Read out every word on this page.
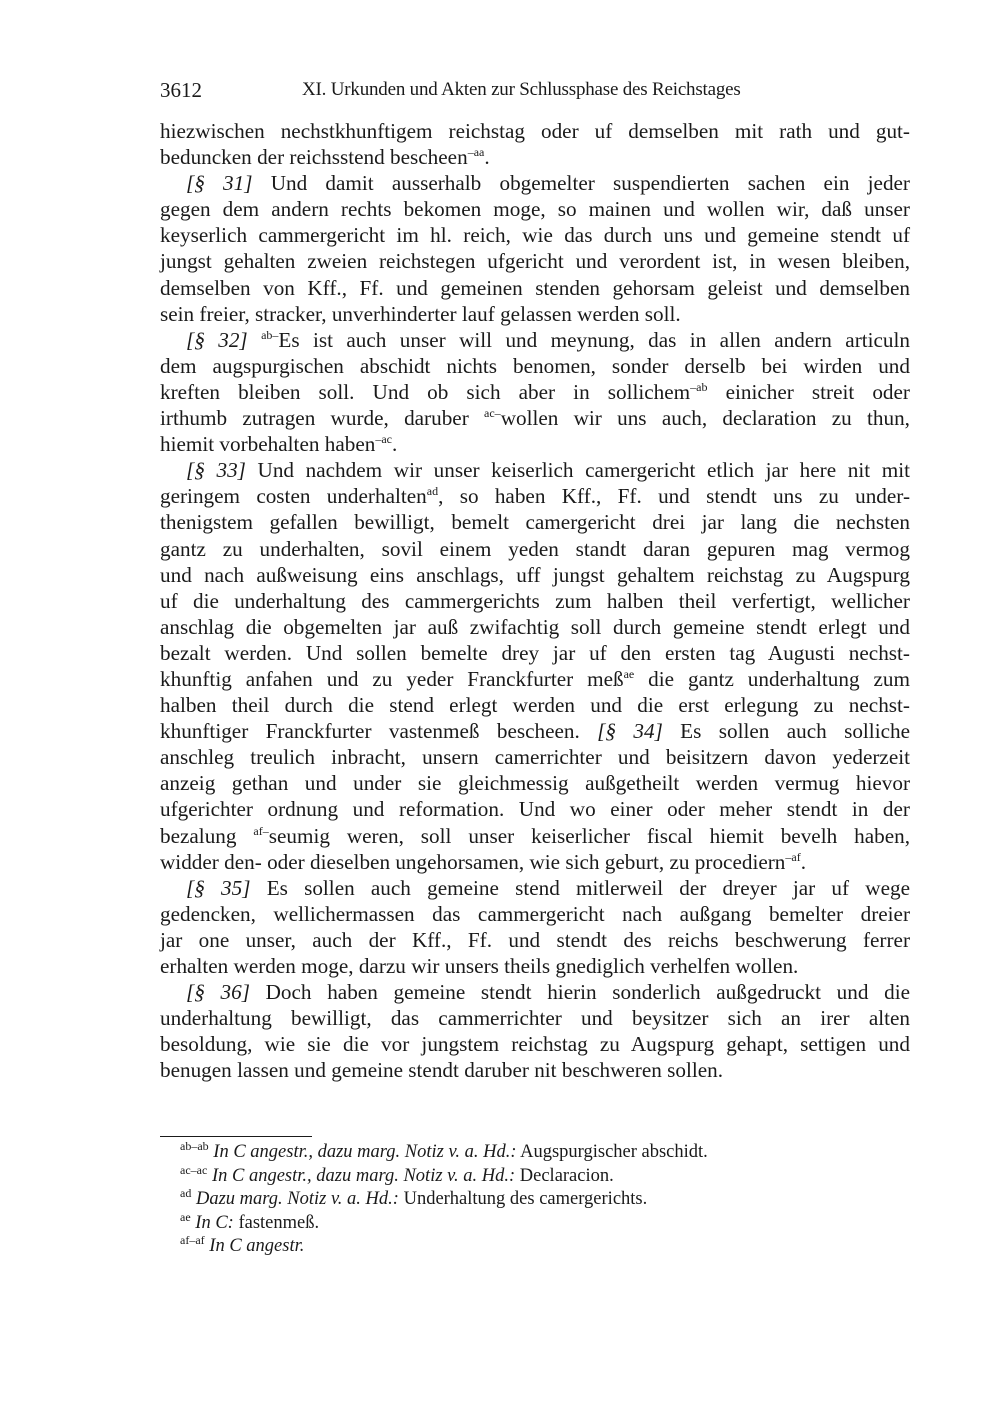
3612	XI. Urkunden und Akten zur Schlussphase des Reichstages
hiezwischen nechstkhunftigem reichstag oder uf demselben mit rath und gut-
beduncken der reichsstend bescheen$^{-aa}$.
[§ 31] Und damit ausserhalb obgemelter suspendierten sachen ein jeder
gegen dem andern rechts bekomen moge, so mainen und wollen wir, daß unser
keyserlich cammergericht im hl. reich, wie das durch uns und gemeine stendt uf
jungst gehalten zweien reichstegen ufgericht und verordent ist, in wesen bleiben,
demselben von Kff., Ff. und gemeinen stenden gehorsam geleist und demselben
sein freier, stracker, unverhinderter lauf gelassen werden soll.
[§ 32] $^{ab-}$Es ist auch unser will und meynung, das in allen andern articuln
dem augspurgischen abschidt nichts benomen, sonder derselb bei wirden und
kreften bleiben soll. Und ob sich aber in sollichem$^{-ab}$ einicher streit oder
irthumb zutragen wurde, daruber $^{ac-}$wollen wir uns auch, declaration zu thun,
hiemit vorbehalten haben$^{-ac}$.
[§ 33] Und nachdem wir unser keiserlich camergericht etlich jar here nit mit
geringem costen underhalten$^{ad}$, so haben Kff., Ff. und stendt uns zu under-
thenigstem gefallen bewilligt, bemelt camergericht drei jar lang die nechsten
gantz zu underhalten, sovil einem yeden standt daran gepuren mag vermog
und nach außweisung eins anschlags, uff jungst gehaltem reichstag zu Augspurg
uf die underhaltung des cammergerichts zum halben theil verfertigt, wellicher
anschlag die obgemelten jar auß zwifachtig soll durch gemeine stendt erlegt und
bezalt werden. Und sollen bemelte drey jar uf den ersten tag Augusti nechst-
khunftig anfahen und zu yeder Franckfurter meß$^{ae}$ die gantz underhaltung zum
halben theil durch die stend erlegt werden und die erst erlegung zu nechst-
khunftiger Franckfurter vastenmeß bescheen. [§ 34] Es sollen auch solliche
anschleg treulich inbracht, unsern camerrichter und beisitzern davon yederzeit
anzeig gethan und under sie gleichmessig außgetheilt werden vermug hievor
ufgerichter ordnung und reformation. Und wo einer oder meher stendt in der
bezalung $^{af-}$seumig weren, soll unser keiserlicher fiscal hiemit bevelh haben,
widder den- oder dieselben ungehorsamen, wie sich geburt, zu procediern$^{-af}$.
[§ 35] Es sollen auch gemeine stend mitlerweil der dreyer jar uf wege
gedencken, wellichermassen das cammergericht nach außgang bemelter dreier
jar one unser, auch der Kff., Ff. und stendt des reichs beschwerung ferrer
erhalten werden moge, darzu wir unsers theils gnediglich verhelfen wollen.
[§ 36] Doch haben gemeine stendt hierin sonderlich außgedruckt und die
underhaltung bewilligt, das cammerrichter und beysitzer sich an irer alten
besoldung, wie sie die vor jungstem reichstag zu Augspurg gehapt, settigen und
benugen lassen und gemeine stendt daruber nit beschweren sollen.
$^{ab-ab}$ In C angestr., dazu marg. Notiz v. a. Hd.: Augspurgischer abschidt.
$^{ac-ac}$ In C angestr., dazu marg. Notiz v. a. Hd.: Declaracion.
$^{ad}$ Dazu marg. Notiz v. a. Hd.: Underhaltung des camergerichts.
$^{ae}$ In C: fastenmeß.
$^{af-af}$ In C angestr.
